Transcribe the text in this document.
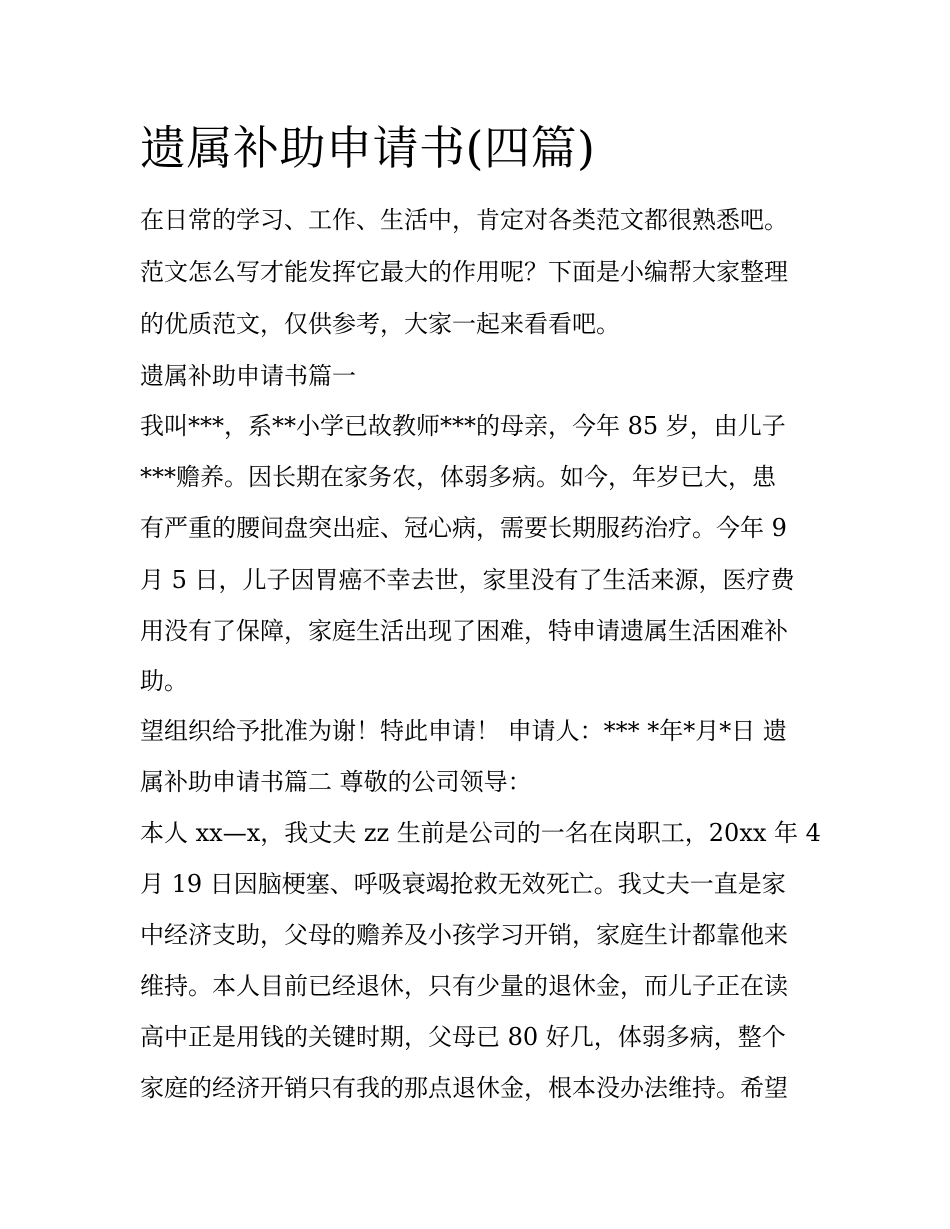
遗属补助申请书(四篇)
在日常的学习、工作、生活中，肯定对各类范文都很熟悉吧。
范文怎么写才能发挥它最大的作用呢？下面是小编帮大家整理
的优质范文，仅供参考，大家一起来看看吧。
遗属补助申请书篇一
我叫***，系**小学已故教师***的母亲，今年 85 岁，由儿子
***赡养。因长期在家务农，体弱多病。如今，年岁已大，患
有严重的腰间盘突出症、冠心病，需要长期服药治疗。今年 9
月 5 日，儿子因胃癌不幸去世，家里没有了生活来源，医疗费
用没有了保障，家庭生活出现了困难，特申请遗属生活困难补
助。
望组织给予批准为谢！特此申请！ 申请人：*** *年*月*日 遗
属补助申请书篇二 尊敬的公司领导：
本人 xx—x，我丈夫 zz 生前是公司的一名在岗职工，20xx 年 4
月 19 日因脑梗塞、呼吸衰竭抢救无效死亡。我丈夫一直是家
中经济支助，父母的赡养及小孩学习开销，家庭生计都靠他来
维持。本人目前已经退休，只有少量的退休金，而儿子正在读
高中正是用钱的关键时期，父母已 80 好几，体弱多病，整个
家庭的经济开销只有我的那点退休金，根本没办法维持。希望
